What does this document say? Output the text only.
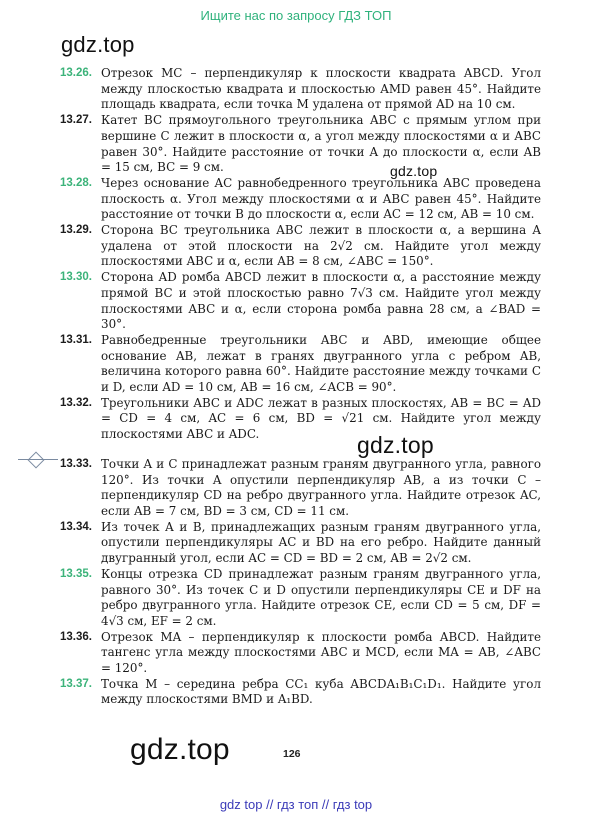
Ищите нас по запросу ГДЗ ТОП
gdz.top
gdz.top
gdz.top
gdz.top
13.26. Отрезок MC – перпендикуляр к плоскости квадрата ABCD. Угол между плоскостью квадрата и плоскостью AMD равен 45°. Найдите площадь квадрата, если точка M удалена от прямой AD на 10 см.
13.27. Катет BC прямоугольного треугольника ABC с прямым углом при вершине C лежит в плоскости α, а угол между плоскостями α и ABC равен 30°. Найдите расстояние от точки A до плоскости α, если AB = 15 см, BC = 9 см.
13.28. Через основание AC равнобедренного треугольника ABC проведена плоскость α. Угол между плоскостями α и ABC равен 45°. Найдите расстояние от точки B до плоскости α, если AC = 12 см, AB = 10 см.
13.29. Сторона BC треугольника ABC лежит в плоскости α, а вершина A удалена от этой плоскости на 2√2 см. Найдите угол между плоскостями ABC и α, если AB = 8 см, ∠ABC = 150°.
13.30. Сторона AD ромба ABCD лежит в плоскости α, а расстояние между прямой BC и этой плоскостью равно 7√3 см. Найдите угол между плоскостями ABC и α, если сторона ромба равна 28 см, а ∠BAD = 30°.
13.31. Равнобедренные треугольники ABC и ABD, имеющие общее основание AB, лежат в гранях двугранного угла с ребром AB, величина которого равна 60°. Найдите расстояние между точками C и D, если AD = 10 см, AB = 16 см, ∠ACB = 90°.
13.32. Треугольники ABC и ADC лежат в разных плоскостях, AB = BC = AD = CD = 4 см, AC = 6 см, BD = √21 см. Найдите угол между плоскостями ABC и ADC.
13.33. Точки A и C принадлежат разным граням двугранного угла, равного 120°. Из точки A опустили перпендикуляр AB, а из точки C – перпендикуляр CD на ребро двугранного угла. Найдите отрезок AC, если AB = 7 см, BD = 3 см, CD = 11 см.
13.34. Из точек A и B, принадлежащих разным граням двугранного угла, опустили перпендикуляры AC и BD на его ребро. Найдите данный двугранный угол, если AC = CD = BD = 2 см, AB = 2√2 см.
13.35. Концы отрезка CD принадлежат разным граням двугранного угла, равного 30°. Из точек C и D опустили перпендикуляры CE и DF на ребро двугранного угла. Найдите отрезок CE, если CD = 5 см, DF = 4√3 см, EF = 2 см.
13.36. Отрезок MA – перпендикуляр к плоскости ромба ABCD. Найдите тангенс угла между плоскостями ABC и MCD, если MA = AB, ∠ABC = 120°.
13.37. Точка M – середина ребра CC₁ куба ABCDA₁B₁C₁D₁. Найдите угол между плоскостями BMD и A₁BD.
126
gdz top // гдз топ // гдз top
